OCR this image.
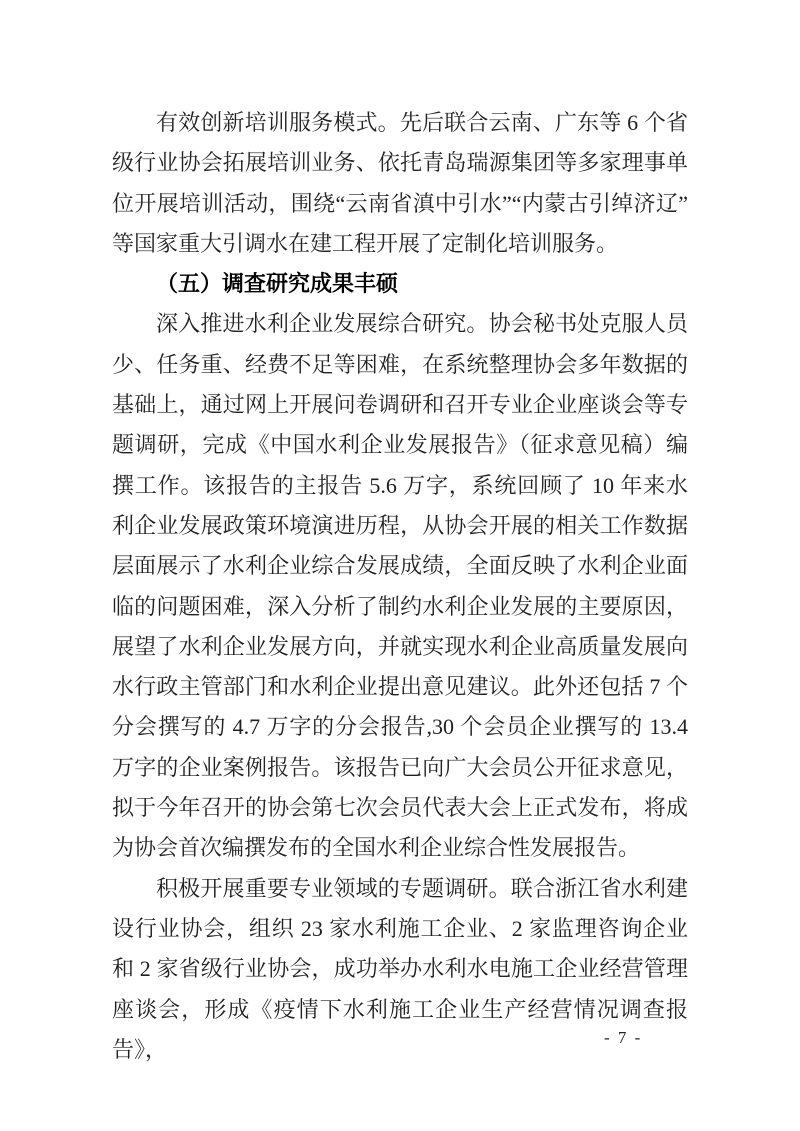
有效创新培训服务模式。先后联合云南、广东等 6 个省级行业协会拓展培训业务、依托青岛瑞源集团等多家理事单位开展培训活动，围绕“云南省滇中引水”“内蒙古引绰济辽”等国家重大引调水在建工程开展了定制化培训服务。

（五）调查研究成果丰硕

深入推进水利企业发展综合研究。协会秘书处克服人员少、任务重、经费不足等困难，在系统整理协会多年数据的基础上，通过网上开展问卷调研和召开专业企业座谈会等专题调研，完成《中国水利企业发展报告》（征求意见稿）编撰工作。该报告的主报告 5.6 万字，系统回顾了 10 年来水利企业发展政策环境演进历程，从协会开展的相关工作数据层面展示了水利企业综合发展成绩，全面反映了水利企业面临的问题困难，深入分析了制约水利企业发展的主要原因，展望了水利企业发展方向，并就实现水利企业高质量发展向水行政主管部门和水利企业提出意见建议。此外还包括 7 个分会撰写的 4.7 万字的分会报告,30 个会员企业撰写的 13.4 万字的企业案例报告。该报告已向广大会员公开征求意见，拟于今年召开的协会第七次会员代表大会上正式发布，将成为协会首次编撰发布的全国水利企业综合性发展报告。

积极开展重要专业领域的专题调研。联合浙江省水利建设行业协会，组织 23 家水利施工企业、2 家监理咨询企业和 2 家省级行业协会，成功举办水利水电施工企业经营管理座谈会，形成《疫情下水利施工企业生产经营情况调查报告》，	- 7 -
